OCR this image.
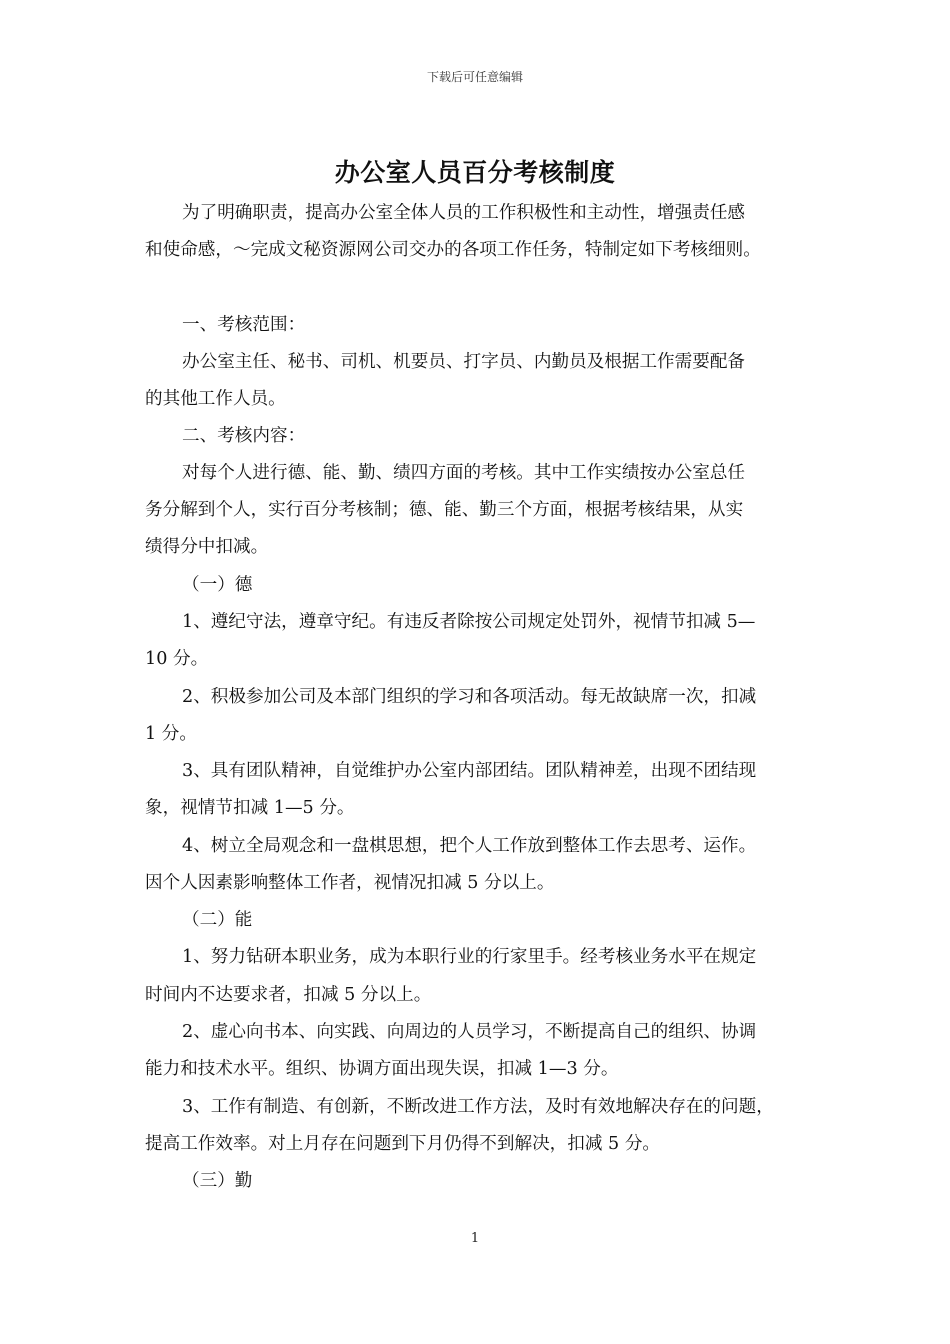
下载后可任意编辑
办公室人员百分考核制度
为了明确职责，提高办公室全体人员的工作积极性和主动性，增强责任感
和使命感，～完成文秘资源网公司交办的各项工作任务，特制定如下考核细则。
一、考核范围：
办公室主任、秘书、司机、机要员、打字员、内勤员及根据工作需要配备
的其他工作人员。
二、考核内容：
对每个人进行德、能、勤、绩四方面的考核。其中工作实绩按办公室总任
务分解到个人，实行百分考核制；德、能、勤三个方面，根据考核结果，从实
绩得分中扣减。
（一）德
1、遵纪守法，遵章守纪。有违反者除按公司规定处罚外，视情节扣减 5—
10 分。
2、积极参加公司及本部门组织的学习和各项活动。每无故缺席一次，扣减
1 分。
3、具有团队精神，自觉维护办公室内部团结。团队精神差，出现不团结现
象，视情节扣减 1—5 分。
4、树立全局观念和一盘棋思想，把个人工作放到整体工作去思考、运作。
因个人因素影响整体工作者，视情况扣减 5 分以上。
（二）能
1、努力钻研本职业务，成为本职行业的行家里手。经考核业务水平在规定
时间内不达要求者，扣减 5 分以上。
2、虚心向书本、向实践、向周边的人员学习，不断提高自己的组织、协调
能力和技术水平。组织、协调方面出现失误，扣减 1—3 分。
3、工作有制造、有创新，不断改进工作方法，及时有效地解决存在的问题，
提高工作效率。对上月存在问题到下月仍得不到解决，扣减 5 分。
（三）勤
1
